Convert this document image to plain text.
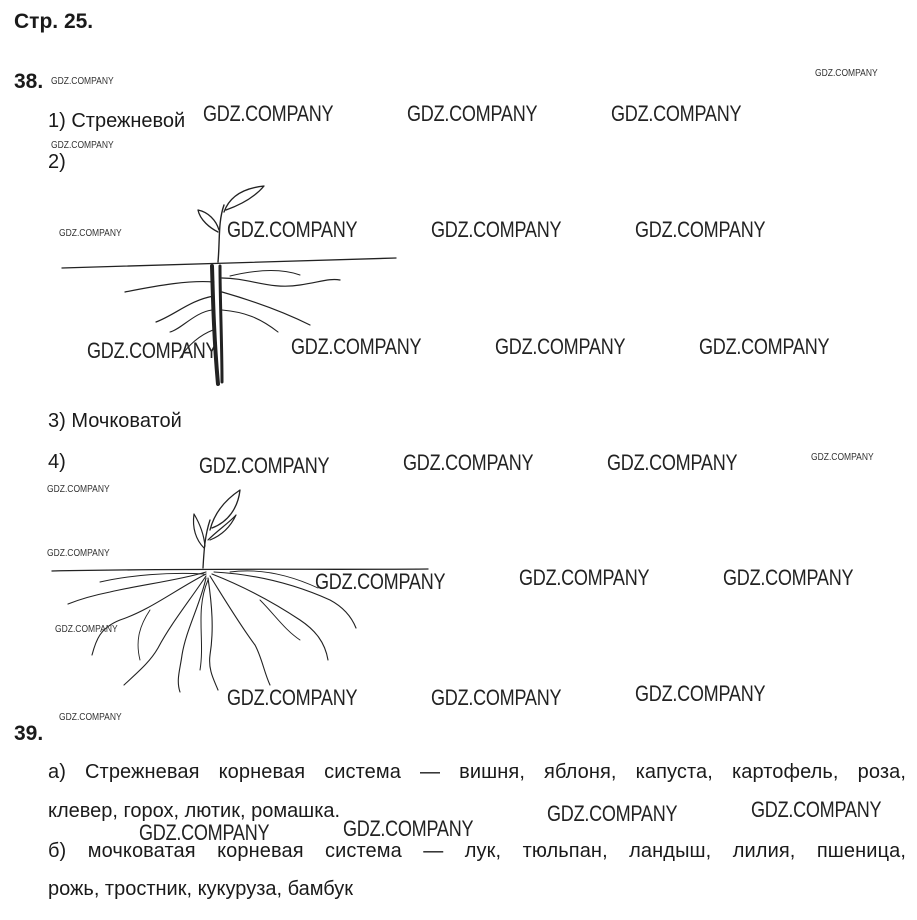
Стр. 25.
38.
1) Стрежневой
2)
3) Мочковатой
4)
39.
а) Стрежневая корневая система — вишня, яблоня, капуста, картофель, роза,
клевер, горох, лютик, ромашка.
б) мочковатая корневая система — лук, тюльпан, ландыш, лилия, пшеница,
рожь, тростник, кукуруза, бамбук
GDZ.COMPANY	GDZ.COMPANY	GDZ.COMPANY
GDZ.COMPANY	GDZ.COMPANY	GDZ.COMPANY
GDZ.COMPANY	GDZ.COMPANY	GDZ.COMPANY	GDZ.COMPANY
GDZ.COMPANY	GDZ.COMPANY	GDZ.COMPANY
GDZ.COMPANY	GDZ.COMPANY	GDZ.COMPANY
GDZ.COMPANY	GDZ.COMPANY	GDZ.COMPANY
GDZ.COMPANY	GDZ.COMPANY
GDZ.COMPANY	GDZ.COMPANY
GDZ.COMPANY
GDZ.COMPANY
GDZ.COMPANY
GDZ.COMPANY
GDZ.COMPANY
GDZ.COMPANY
GDZ.COMPANY
GDZ.COMPANY
GDZ.COMPANY
